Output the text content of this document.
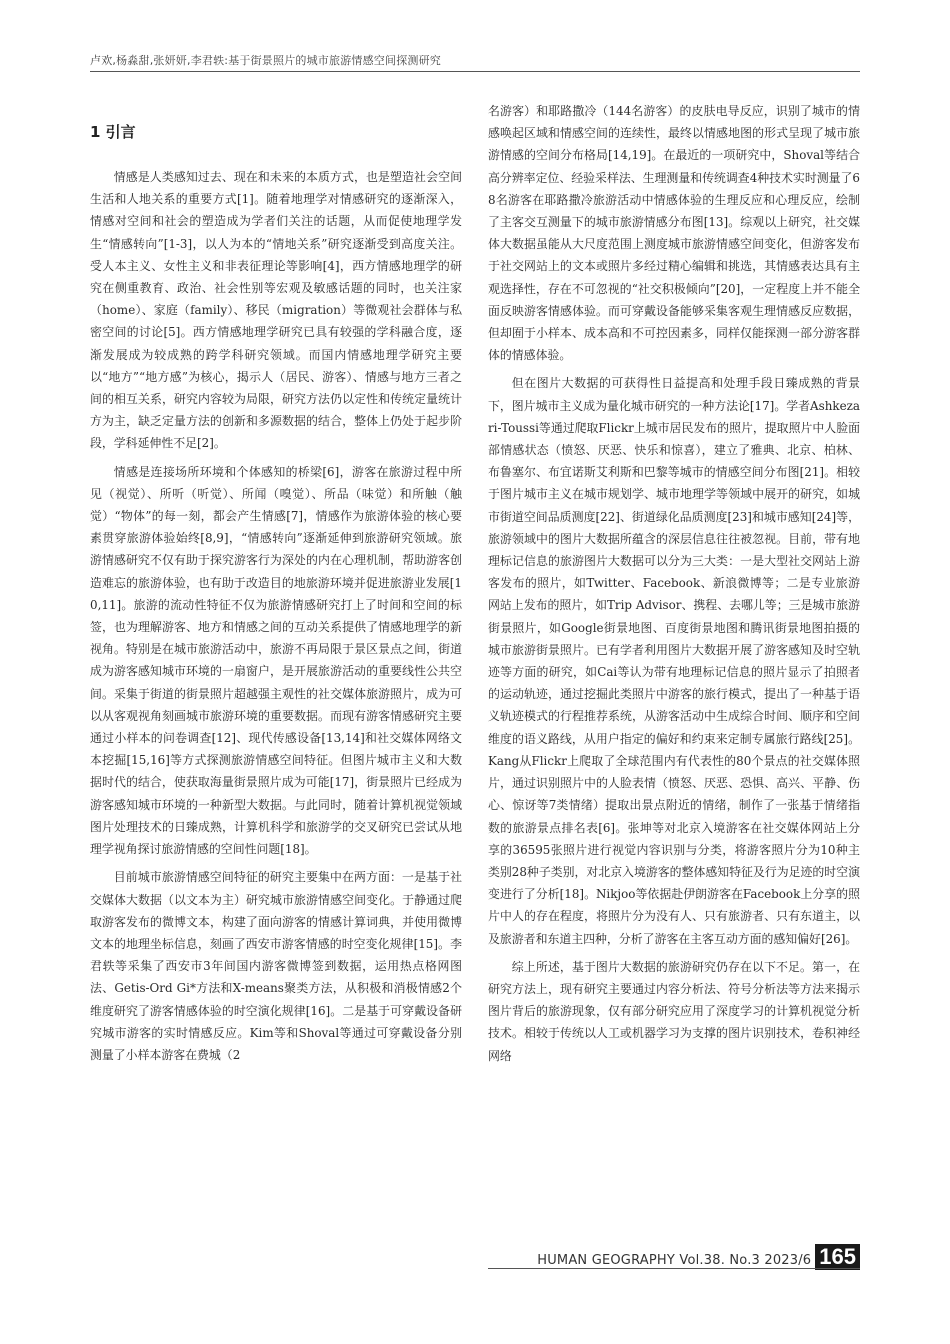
卢欢,杨淼甜,张妍妍,李君轶:基于街景照片的城市旅游情感空间探测研究
1 引言

情感是人类感知过去、现在和未来的本质方式，也是塑造社会空间生活和人地关系的重要方式[1]。随着地理学对情感研究的逐渐深入，情感对空间和社会的塑造成为学者们关注的话题，从而促使地理学发生“情感转向”[1-3]，以人为本的“情地关系”研究逐渐受到高度关注。受人本主义、女性主义和非表征理论等影响[4]，西方情感地理学的研究在侧重教育、政治、社会性别等宏观及敏感话题的同时，也关注家（home）、家庭（family）、移民（migration）等微观社会群体与私密空间的讨论[5]。西方情感地理学研究已具有较强的学科融合度，逐渐发展成为较成熟的跨学科研究领域。而国内情感地理学研究主要以“地方”“地方感”为核心，揭示人（居民、游客）、情感与地方三者之间的相互关系，研究内容较为局限，研究方法仍以定性和传统定量统计方为主，缺乏定量方法的创新和多源数据的结合，整体上仍处于起步阶段，学科延伸性不足[2]。

情感是连接场所环境和个体感知的桥梁[6]，游客在旅游过程中所见（视觉）、所听（听觉）、所闻（嗅觉）、所品（味觉）和所触（触觉）“物体”的每一刻，都会产生情感[7]，情感作为旅游体验的核心要素贯穿旅游体验始终[8,9]，“情感转向”逐渐延伸到旅游研究领域。旅游情感研究不仅有助于探究游客行为深处的内在心理机制，帮助游客创造难忘的旅游体验，也有助于改造目的地旅游环境并促进旅游业发展[10,11]。旅游的流动性特征不仅为旅游情感研究打上了时间和空间的标签，也为理解游客、地方和情感之间的互动关系提供了情感地理学的新视角。特别是在城市旅游活动中，旅游不再局限于景区景点之间，街道成为游客感知城市环境的一扇窗户，是开展旅游活动的重要线性公共空间。采集于街道的街景照片超越强主观性的社交媒体旅游照片，成为可以从客观视角刻画城市旅游环境的重要数据。而现有游客情感研究主要通过小样本的问卷调查[12]、现代传感设备[13,14]和社交媒体网络文本挖掘[15,16]等方式探测旅游情感空间特征。但图片城市主义和大数据时代的结合，使获取海量街景照片成为可能[17]，街景照片已经成为游客感知城市环境的一种新型大数据。与此同时，随着计算机视觉领域图片处理技术的日臻成熟，计算机科学和旅游学的交叉研究已尝试从地理学视角探讨旅游情感的空间性问题[18]。

目前城市旅游情感空间特征的研究主要集中在两方面：一是基于社交媒体大数据（以文本为主）研究城市旅游情感空间变化。于静通过爬取游客发布的微博文本，构建了面向游客的情感计算词典，并使用微博文本的地理坐标信息，刻画了西安市游客情感的时空变化规律[15]。李君轶等采集了西安市3年间国内游客微博签到数据，运用热点格网图法、Getis-Ord Gi*方法和X-means聚类方法，从积极和消极情感2个维度研究了游客情感体验的时空演化规律[16]。二是基于可穿戴设备研究城市游客的实时情感反应。Kim等和Shoval等通过可穿戴设备分别测量了小样本游客在费城（2

名游客）和耶路撒冷（144名游客）的皮肤电导反应，识别了城市的情感唤起区域和情感空间的连续性，最终以情感地图的形式呈现了城市旅游情感的空间分布格局[14,19]。在最近的一项研究中，Shoval等结合高分辨率定位、经验采样法、生理测量和传统调查4种技术实时测量了68名游客在耶路撒冷旅游活动中情感体验的生理反应和心理反应，绘制了主客交互测量下的城市旅游情感分布图[13]。综观以上研究，社交媒体大数据虽能从大尺度范围上测度城市旅游情感空间变化，但游客发布于社交网站上的文本或照片多经过精心编辑和挑选，其情感表达具有主观选择性，存在不可忽视的“社交积极倾向”[20]，一定程度上并不能全面反映游客情感体验。而可穿戴设备能够采集客观生理情感反应数据，但却囿于小样本、成本高和不可控因素多，同样仅能探测一部分游客群体的情感体验。

但在图片大数据的可获得性日益提高和处理手段日臻成熟的背景下，图片城市主义成为量化城市研究的一种方法论[17]。学者Ashkezari-Toussi等通过爬取Flickr上城市居民发布的照片，提取照片中人脸面部情感状态（愤怒、厌恶、快乐和惊喜），建立了雅典、北京、柏林、布鲁塞尔、布宜诺斯艾利斯和巴黎等城市的情感空间分布图[21]。相较于图片城市主义在城市规划学、城市地理学等领域中展开的研究，如城市街道空间品质测度[22]、街道绿化品质测度[23]和城市感知[24]等，旅游领域中的图片大数据所蕴含的深层信息往往被忽视。目前，带有地理标记信息的旅游图片大数据可以分为三大类：一是大型社交网站上游客发布的照片，如Twitter、Facebook、新浪微博等；二是专业旅游网站上发布的照片，如Trip Advisor、携程、去哪儿等；三是城市旅游街景照片，如Google街景地图、百度街景地图和腾讯街景地图拍摄的城市旅游街景照片。已有学者利用图片大数据开展了游客感知及时空轨迹等方面的研究，如Cai等认为带有地理标记信息的照片显示了拍照者的运动轨迹，通过挖掘此类照片中游客的旅行模式，提出了一种基于语义轨迹模式的行程推荐系统，从游客活动中生成综合时间、顺序和空间维度的语义路线，从用户指定的偏好和约束来定制专属旅行路线[25]。Kang从Flickr上爬取了全球范围内有代表性的80个景点的社交媒体照片，通过识别照片中的人脸表情（愤怒、厌恶、恐惧、高兴、平静、伤心、惊讶等7类情绪）提取出景点附近的情绪，制作了一张基于情绪指数的旅游景点排名表[6]。张坤等对北京入境游客在社交媒体网站上分享的36595张照片进行视觉内容识别与分类，将游客照片分为10种主类别28种子类别，对北京入境游客的整体感知特征及行为足迹的时空演变进行了分析[18]。Nikjoo等依据赴伊朗游客在Facebook上分享的照片中人的存在程度，将照片分为没有人、只有旅游者、只有东道主，以及旅游者和东道主四种，分析了游客在主客互动方面的感知偏好[26]。

综上所述，基于图片大数据的旅游研究仍存在以下不足。第一，在研究方法上，现有研究主要通过内容分析法、符号分析法等方法来揭示图片背后的旅游现象，仅有部分研究应用了深度学习的计算机视觉分析技术。相较于传统以人工或机器学习为支撑的图片识别技术，卷积神经网络

HUMAN GEOGRAPHY Vol.38. No.3 2023/6 165
